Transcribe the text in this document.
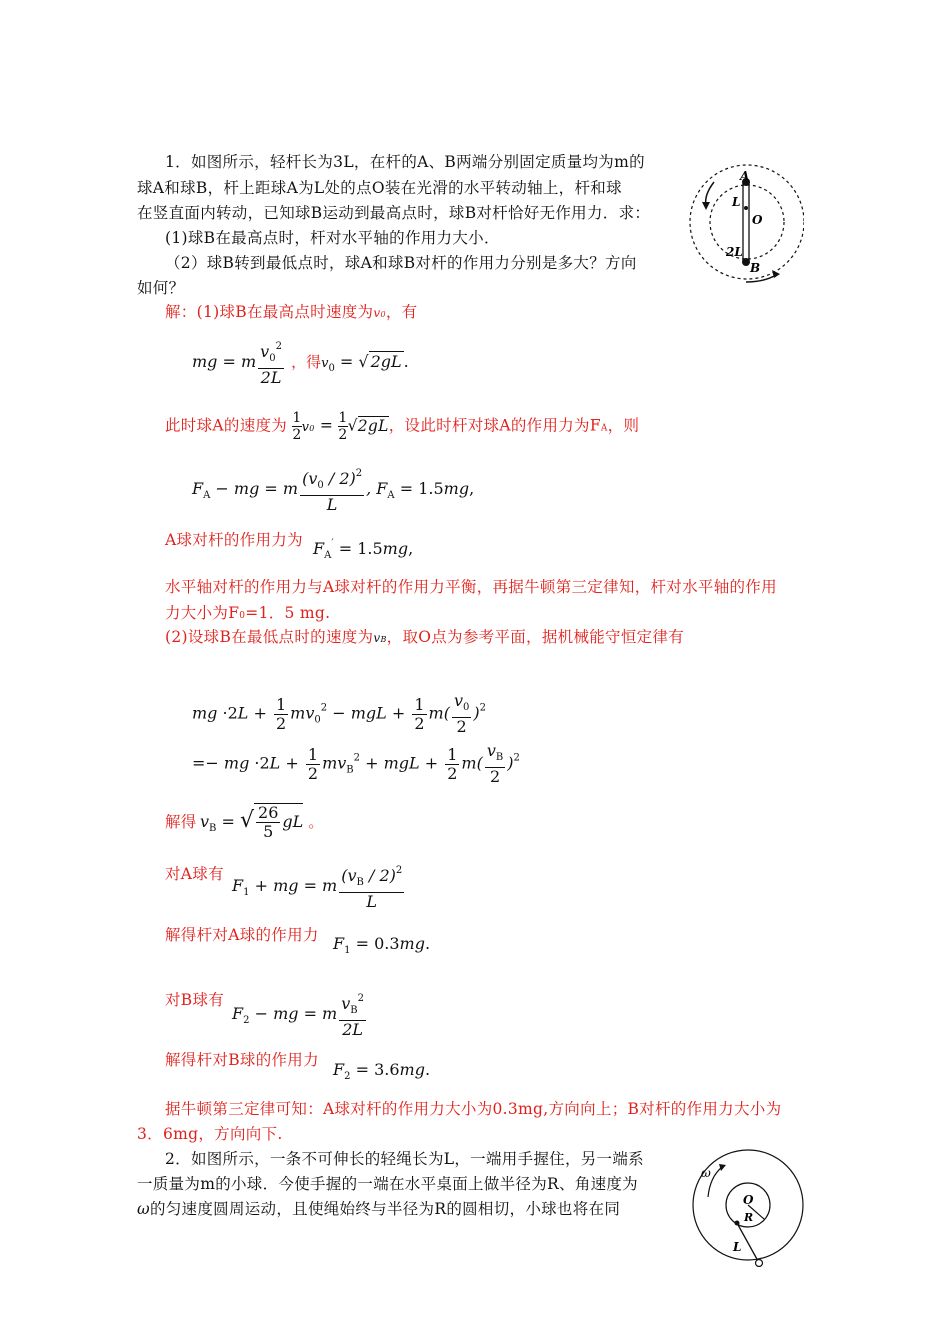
1．如图所示，轻杆长为3L，在杆的A、B两端分别固定质量均为m的
球A和球B，杆上距球A为L处的点O装在光滑的水平转动轴上，杆和球
在竖直面内转动，已知球B运动到最高点时，球B对杆恰好无作用力．求：
(1)球B在最高点时，杆对水平轴的作用力大小．
（2）球B转到最低点时，球A和球B对杆的作用力分别是多大？方向
如何？
A
L
O
2L
B
解：(1)球B在最高点时速度为v0，有
mg = m $\frac{v_0^2}{2L}$ ，得$v_0$ = √ 2gL .
此时球A的速度为 $\frac{1}{2} v0 = \frac{1}{2} √2gL$，设此时杆对球A的作用力为FA，则
$F_A$ − mg = m $\frac{(v_0 / 2)^2}{L}$ , $F_A = 1.5mg$,
A球对杆的作用力为 $F_A' = 1.5mg$,
水平轴对杆的作用力与A球对杆的作用力平衡，再据牛顿第三定律知，杆对水平轴的作用
力大小为F0=1．5 mg.
(2)设球B在最低点时的速度为vB，取O点为参考平面，据机械能守恒定律有
mg $\cdot 2L + \frac{1}{2} mv_0^2$ − mgL + $\frac{1}{2} m( \frac{v_0}{2} )^2$
=− mg $\cdot 2L + \frac{1}{2} mv_B^2$ + mgL + $\frac{1}{2} m( \frac{v_B}{2} )^2$
解得 $v_B$ = √ $\frac{26}{5}$ gL 。
对A球有
$F_1$ + mg = m $\frac{(v_B / 2)^2}{L}$
解得杆对A球的作用力 $F_1 = 0.3mg$.
对B球有
$F_2$ − mg = m $\frac{v_B^2}{2L}$
解得杆对B球的作用力 $F_2 = 3.6mg$.
据牛顿第三定律可知：A球对杆的作用力大小为0.3mg,方向向上；B对杆的作用力大小为
3．6mg，方向向下.
2．如图所示，一条不可伸长的轻绳长为L，一端用手握住，另一端系
一质量为m的小球．今使手握的一端在水平桌面上做半径为R、角速度为
ω的匀速度圆周运动，且使绳始终与半径为R的圆相切，小球也将在同
ω
O
R
L
